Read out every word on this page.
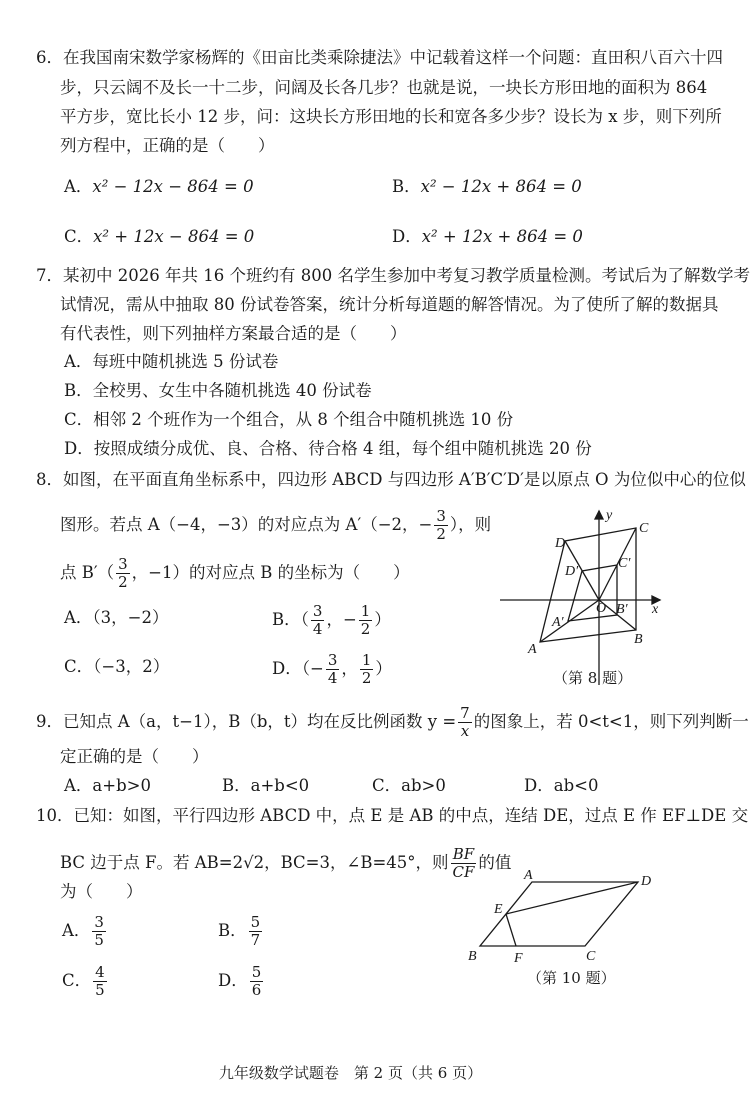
6．在我国南宋数学家杨辉的《田亩比类乘除捷法》中记载着这样一个问题：直田积八百六十四
步，只云阔不及长一十二步，问阔及长各几步？也就是说，一块长方形田地的面积为 864
平方步，宽比长小 12 步，问：这块长方形田地的长和宽各多少步？设长为 x 步，则下列所
列方程中，正确的是（　　）
A．x² − 12x − 864 = 0	B．x² − 12x + 864 = 0
C．x² + 12x − 864 = 0	D．x² + 12x + 864 = 0
7．某初中 2026 年共 16 个班约有 800 名学生参加中考复习教学质量检测。考试后为了解数学考
试情况，需从中抽取 80 份试卷答案，统计分析每道题的解答情况。为了使所了解的数据具
有代表性，则下列抽样方案最合适的是（　　）
A．每班中随机挑选 5 份试卷
B．全校男、女生中各随机挑选 40 份试卷
C．相邻 2 个班作为一个组合，从 8 个组合中随机挑选 10 份
D．按照成绩分成优、良、合格、待合格 4 组，每个组中随机挑选 20 份
8．如图，在平面直角坐标系中，四边形 ABCD 与四边形 A′B′C′D′是以原点 O 为位似中心的位似
图形。若点 A（−4，−3）的对应点为 A′（−2，− $\frac{3}{2}$ ），则
点 $B'( \frac{3}{2}$ ，−1）的对应点 B 的坐标为（　　）
A．（3，−2）	B．（ $\frac{3}{4}$ ，− $\frac{1}{2}$ ）
C．（−3，2）	D．（− $\frac{3}{4}$ ， $\frac{1}{2}$ ）
A
B
C
D
A′
B′
C′
D′
O	x
y
（第 8 题）
9．已知点 A（a，t−1），B（b，t）均在反比例函数 $y = \frac{7}{x}$ 的图象上，若 0<t<1，则下列判断一
定正确的是（　　）
A．a+b>0	B．a+b<0	C．ab>0	D．ab<0
10．已知：如图，平行四边形 ABCD 中，点 E 是 AB 的中点，连结 DE，过点 E 作 EF⊥DE 交
BC 边于点 F。若 AB=2√2，BC=3，∠B=45°，则 $\frac{BF}{CF}$ 的值
为（　　）
A． $\frac{3}{5}$	B． $\frac{5}{7}$
C． $\frac{4}{5}$	D． $\frac{5}{6}$
A
B	C
D
E
F
（第 10 题）
九年级数学试题卷　第 2 页（共 6 页）
